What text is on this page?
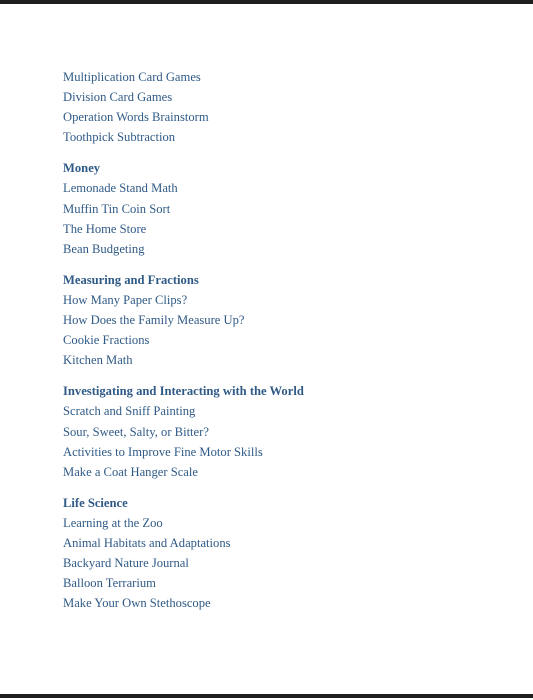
Multiplication Card Games
Division Card Games
Operation Words Brainstorm
Toothpick Subtraction
Money
Lemonade Stand Math
Muffin Tin Coin Sort
The Home Store
Bean Budgeting
Measuring and Fractions
How Many Paper Clips?
How Does the Family Measure Up?
Cookie Fractions
Kitchen Math
Investigating and Interacting with the World
Scratch and Sniff Painting
Sour, Sweet, Salty, or Bitter?
Activities to Improve Fine Motor Skills
Make a Coat Hanger Scale
Life Science
Learning at the Zoo
Animal Habitats and Adaptations
Backyard Nature Journal
Balloon Terrarium
Make Your Own Stethoscope
